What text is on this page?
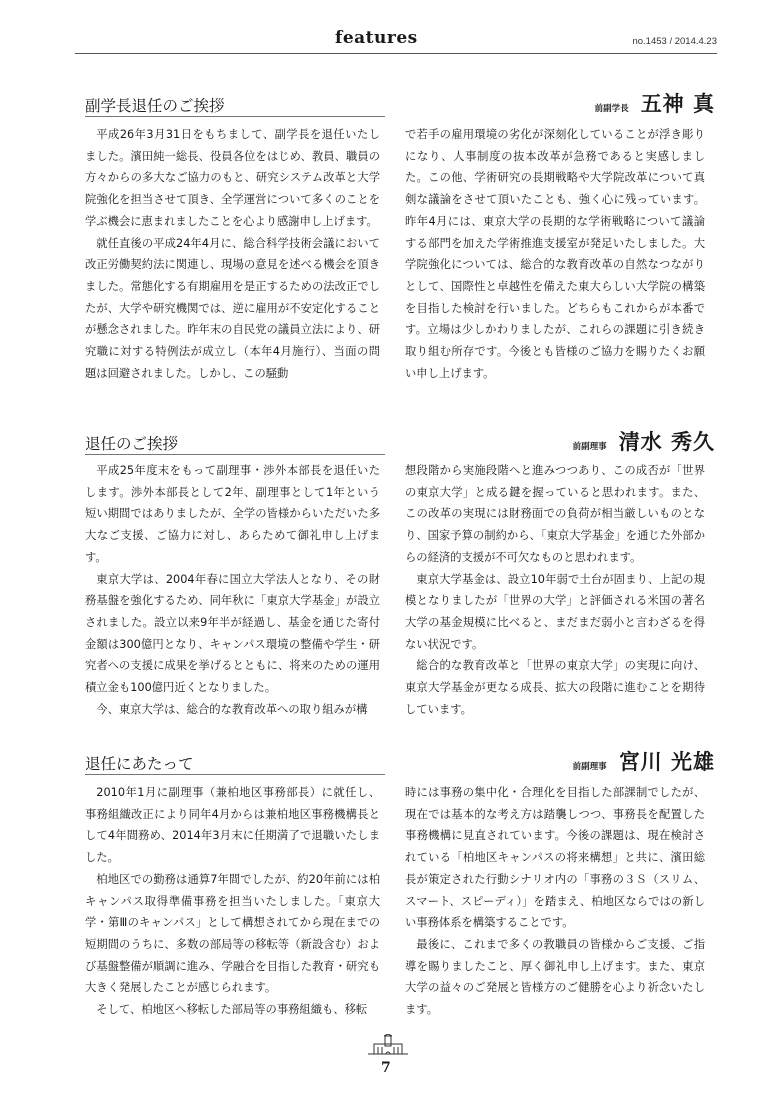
features	no.1453 / 2014.4.23
副学長退任のご挨拶	前副学長 五神 真

平成26年3月31日をもちまして、副学長を退任いたしました。濱田純一総長、役員各位をはじめ、教員、職員の方々からの多大なご協力のもと、研究システム改革と大学院強化を担当させて頂き、全学運営について多くのことを学ぶ機会に恵まれましたことを心より感謝申し上げます。

就任直後の平成24年4月に、総合科学技術会議において改正労働契約法に関連し、現場の意見を述べる機会を頂きました。常態化する有期雇用を是正するための法改正でしたが、大学や研究機関では、逆に雇用が不安定化することが懸念されました。昨年末の自民党の議員立法により、研究職に対する特例法が成立し（本年4月施行）、当面の問題は回避されました。しかし、この騒動

で若手の雇用環境の劣化が深刻化していることが浮き彫りになり、人事制度の抜本改革が急務であると実感しました。この他、学術研究の長期戦略や大学院改革について真剣な議論をさせて頂いたことも、強く心に残っています。昨年4月には、東京大学の長期的な学術戦略について議論する部門を加えた学術推進支援室が発足いたしました。大学院強化については、総合的な教育改革の自然なつながりとして、国際性と卓越性を備えた東大らしい大学院の構築を目指した検討を行いました。どちらもこれからが本番です。立場は少しかわりましたが、これらの課題に引き続き取り組む所存です。今後とも皆様のご協力を賜りたくお願い申し上げます。

退任のご挨拶	前副理事 清水 秀久

平成25年度末をもって副理事・渉外本部長を退任いたします。渉外本部長として2年、副理事として1年という短い期間ではありましたが、全学の皆様からいただいた多大なご支援、ご協力に対し、あらためて御礼申し上げます。

東京大学は、2004年春に国立大学法人となり、その財務基盤を強化するため、同年秋に「東京大学基金」が設立されました。設立以来9年半が経過し、基金を通じた寄付金額は300億円となり、キャンパス環境の整備や学生・研究者への支援に成果を挙げるとともに、将来のための運用積立金も100億円近くとなりました。

今、東京大学は、総合的な教育改革への取り組みが構

想段階から実施段階へと進みつつあり、この成否が「世界の東京大学」と成る鍵を握っていると思われます。また、この改革の実現には財務面での負荷が相当厳しいものとなり、国家予算の制約から、「東京大学基金」を通じた外部からの経済的支援が不可欠なものと思われます。

東京大学基金は、設立10年弱で土台が固まり、上記の規模となりましたが「世界の大学」と評価される米国の著名大学の基金規模に比べると、まだまだ弱小と言わざるを得ない状況です。

総合的な教育改革と「世界の東京大学」の実現に向け、東京大学基金が更なる成長、拡大の段階に進むことを期待しています。

退任にあたって	前副理事 宮川 光雄

2010年1月に副理事（兼柏地区事務部長）に就任し、事務組織改正により同年4月からは兼柏地区事務機構長として4年間務め、2014年3月末に任期満了で退職いたしました。

柏地区での勤務は通算7年間でしたが、約20年前には柏キャンパス取得準備事務を担当いたしました。「東京大学・第Ⅲのキャンパス」として構想されてから現在までの短期間のうちに、多数の部局等の移転等（新設含む）および基盤整備が順調に進み、学融合を目指した教育・研究も大きく発展したことが感じられます。

そして、柏地区へ移転した部局等の事務組織も、移転

時には事務の集中化・合理化を目指した部課制でしたが、現在では基本的な考え方は踏襲しつつ、事務長を配置した事務機構に見直されています。今後の課題は、現在検討されている「柏地区キャンパスの将来構想」と共に、濱田総長が策定された行動シナリオ内の「事務の３Ｓ（スリム、スマート、スピーディ）」を踏まえ、柏地区ならではの新しい事務体系を構築することです。

最後に、これまで多くの教職員の皆様からご支援、ご指導を賜りましたこと、厚く御礼申し上げます。また、東京大学の益々のご発展と皆様方のご健勝を心より祈念いたします。

7
